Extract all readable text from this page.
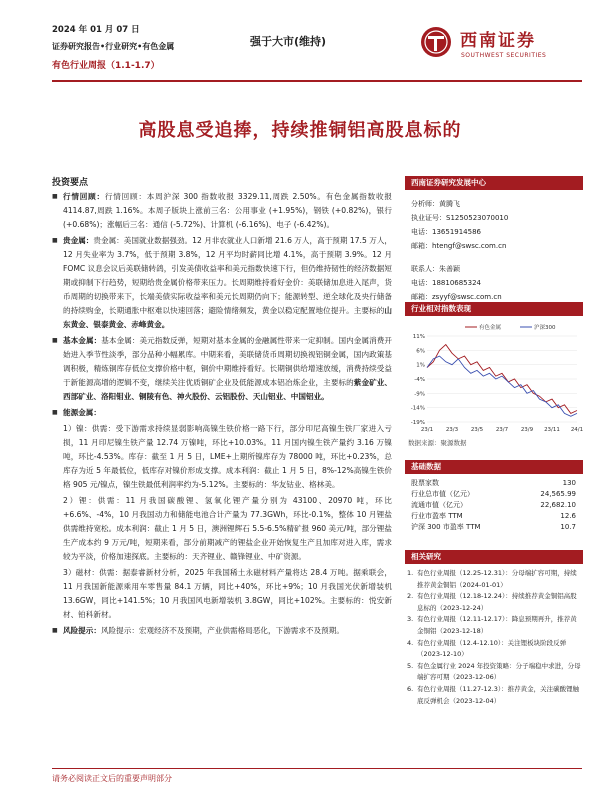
2024 年 01 月 07 日
证券研究报告•行业研究•有色金属
有色行业周报（1.1-1.7）
强于大市(维持)	西南证券
SOUTHWEST SECURITIES
高股息受追捧，持续推铜铝高股息标的
投资要点

■ 行情回顾：行情回顾：本周沪深 300 指数收报 3329.11,周跌 2.50%。有色金属指数收报 4114.87,周跌 1.16%。本周子版块上涨前三名：公用事业 (+1.95%)，钢铁 (+0.82%)，银行 (+0.68%)；涨幅后三名：通信 (-5.72%)、计算机 (-6.16%)、电子 (-6.42%)。

■ 贵金属：贵金属：美国就业数据强劲。12 月非农就业人口新增 21.6 万人，高于预期 17.5 万人，12 月失业率为 3.7%，低于预期 3.8%，12 月平均时薪同比增 4.1%，高于预期 3.9%。12 月 FOMC 议息会议后美联储转鸽，引发美债收益率和美元指数快速下行，但仍维持韧性的经济数据短期或抑制下行趋势，短期给贵金属价格带来压力。长周期维持看好金价：美联储加息进入尾声，货币周期的切换带来下，长端美债实际收益率和美元长周期仍向下；能源转型、逆全球化及央行储备的持续购金，长期通胀中枢难以快速回落；避险情绪频发，黄金以稳定配置地位提升。主要标的山东黄金、银泰黄金、赤峰黄金。

■ 基本金属：基本金属：美元指数反弹，短期对基本金属的金融属性带来一定抑制。国内金属消费开始进入季节性淡季，部分品种小幅累库。中期来看，美联储货币周期切换视铝铜金属，国内政策基调积极，精炼铜库存低位支撑价格中枢，铜价中期维持看好。长期铜供给增速放缓，消费持续受益于新能源高增的逻辑不变，继续关注优质铜矿企业及低能源成本铝冶炼企业，主要标的紫金矿业、西部矿业、洛阳钼业、铜陵有色、神火股份、云铝股份、天山铝业、中国铝业。

■ 能源金属：

1）镍：供需：受下游需求持续显弱影响高镍生铁价格一路下行，部分印尼高镍生铁厂家进入亏损，11 月印尼镍生铁产量 12.74 万镍吨，环比+10.03%。11 月国内镍生铁产量约 3.16 万镍吨，环比-4.53%。库存：截至 1 月 5 日，LME+上期所镍库存为 78000 吨，环比+0.23%，总库存为近 5 年最低位，低库存对镍价形成支撑。成本利润：截止 1 月 5 日，8%-12%高镍生铁价格 905 元/镍点，镍生铁最低利润率约为-5.12%。主要标的：华友钴业、格林美。

2）锂：供需：11 月我国碳酸锂、氢氧化锂产量分别为 43100、20970 吨，环比+6.6%、-4%，10 月我国动力和储能电池合计产量为 77.3GWh，环比-0.1%，整体 10 月锂盐供需维持宽松。成本利润：截止 1 月 5 日，澳洲锂辉石 5.5-6.5%精矿报 960 美元/吨，部分锂盐生产成本约 9 万元/吨，短期来看，部分前期减产的锂盐企业开始恢复生产且加库对进入库，需求较为平淡，价格加速探底。主要标的：天齐锂业、赣锋锂业、中矿资源。

3）磁材：供需：据泰睿新材分析，2025 年我国稀土永磁材料产量将达 28.4 万吨。据乘联会，11 月我国新能源乘用车零售量 84.1 万辆，同比+40%，环比+9%；10 月我国光伏新增装机 13.6GW，同比+141.5%；10 月我国风电新增装机 3.8GW，同比+102%。主要标的：悦安新材、铂科新材。

■ 风险提示：风险提示：宏观经济不及预期，产业供需格局恶化，下游需求不及预期。

西南证券研究发展中心
分析师： 黄腾飞
执业证号： S1250523070010
电话： 13651914586
邮箱： htengf@swsc.com.cn
联系人： 朱善颖
电话： 18810685324
邮箱： zsyyf@swsc.com.cn
行业相对指数表现
11%
6%
1%
-4%
-9%
-14%
-19%
23/1 23/3 23/5 23/7 23/9 23/11 24/1
有色金属	沪深300
数据来源：聚源数据
基础数据
股票家数	130
行业总市值（亿元）	24,565.99
流通市值（亿元）	22,682.10
行业市盈率 TTM	12.6
沪深 300 市盈率 TTM	10.7
相关研究
1. 有色行业周报（12.25-12.31）：分母端扩容可期，持续推荐黄金铜铝（2024-01-01）
2. 有色行业周报（12.18-12.24）：持续推荐黄金铜铝高股息标的（2023-12-24）
3. 有色行业周报（12.11-12.17）：降息预期再升，推荐黄金铜铝（2023-12-18）
4. 有色行业周报（12.4-12.10）：关注锂板块阶段反弹（2023-12-10）
5. 有色金属行业 2024 年投资策略：分子端稳中求进，分母端扩容可期（2023-12-06）
6. 有色行业周报（11.27-12.3）：推荐黄金，关注碳酸锂触底反弹机会（2023-12-04）
请务必阅读正文后的重要声明部分
